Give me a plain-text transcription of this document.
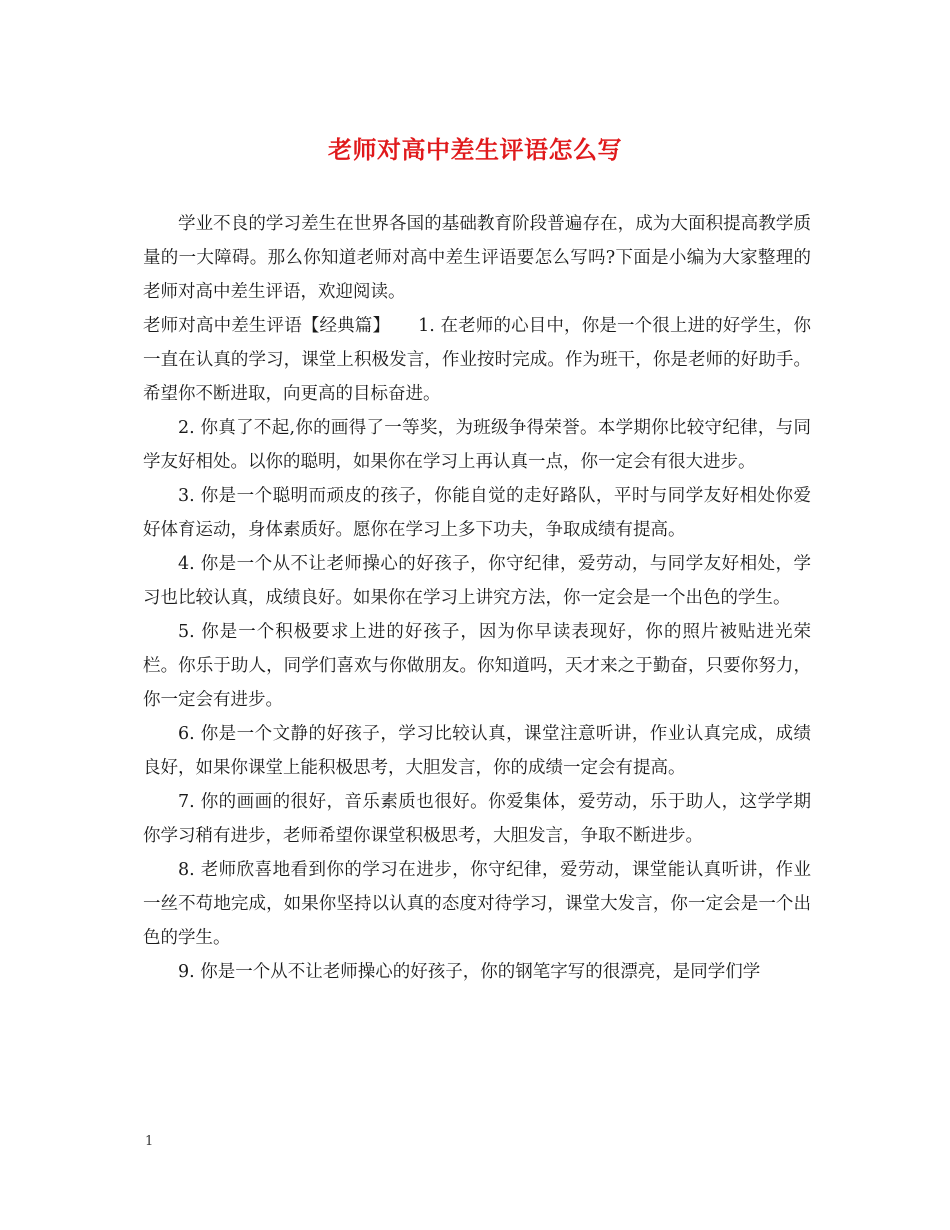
老师对高中差生评语怎么写

学业不良的学习差生在世界各国的基础教育阶段普遍存在，成为大面积提高教学质量的一大障碍。那么你知道老师对高中差生评语要怎么写吗?下面是小编为大家整理的老师对高中差生评语，欢迎阅读。

老师对高中差生评语【经典篇】 1. 在老师的心目中，你是一个很上进的好学生，你一直在认真的学习，课堂上积极发言，作业按时完成。作为班干，你是老师的好助手。希望你不断进取，向更高的目标奋进。

2. 你真了不起,你的画得了一等奖，为班级争得荣誉。本学期你比较守纪律，与同学友好相处。以你的聪明，如果你在学习上再认真一点，你一定会有很大进步。

3. 你是一个聪明而顽皮的孩子，你能自觉的走好路队，平时与同学友好相处你爱好体育运动，身体素质好。愿你在学习上多下功夫，争取成绩有提高。

4. 你是一个从不让老师操心的好孩子，你守纪律，爱劳动，与同学友好相处，学习也比较认真，成绩良好。如果你在学习上讲究方法，你一定会是一个出色的学生。

5. 你是一个积极要求上进的好孩子，因为你早读表现好，你的照片被贴进光荣栏。你乐于助人，同学们喜欢与你做朋友。你知道吗，天才来之于勤奋，只要你努力，你一定会有进步。

6. 你是一个文静的好孩子，学习比较认真，课堂注意听讲，作业认真完成，成绩良好，如果你课堂上能积极思考，大胆发言，你的成绩一定会有提高。

7. 你的画画的很好，音乐素质也很好。你爱集体，爱劳动，乐于助人，这学学期你学习稍有进步，老师希望你课堂积极思考，大胆发言，争取不断进步。

8. 老师欣喜地看到你的学习在进步，你守纪律，爱劳动，课堂能认真听讲，作业一丝不苟地完成，如果你坚持以认真的态度对待学习，课堂大发言，你一定会是一个出色的学生。

9. 你是一个从不让老师操心的好孩子，你的钢笔字写的很漂亮，是同学们学

1
